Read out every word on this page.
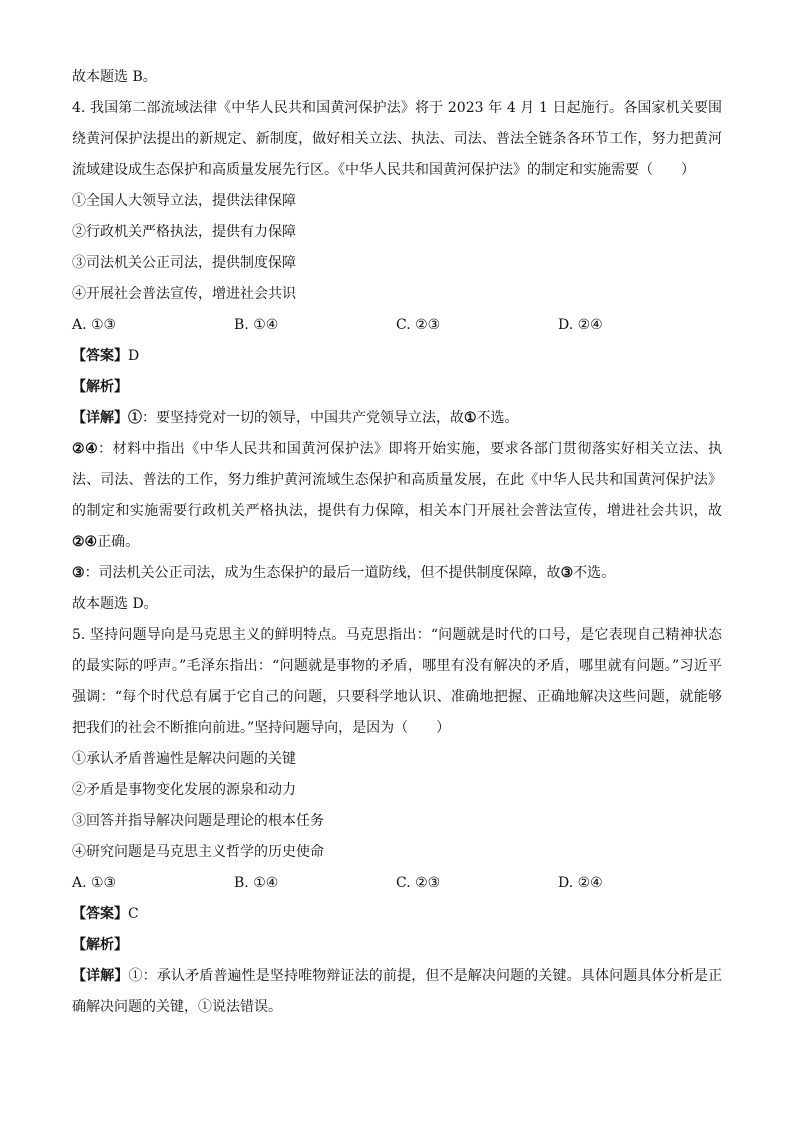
故本题选 B。
4. 我国第二部流域法律《中华人民共和国黄河保护法》将于 2023 年 4 月 1 日起施行。各国家机关要围绕黄河保护法提出的新规定、新制度，做好相关立法、执法、司法、普法全链条各环节工作，努力把黄河流域建设成生态保护和高质量发展先行区。《中华人民共和国黄河保护法》的制定和实施需要（　　）
①全国人大领导立法，提供法律保障
②行政机关严格执法，提供有力保障
③司法机关公正司法，提供制度保障
④开展社会普法宣传，增进社会共识
A. ①③	B. ①④	C. ②③	D. ②④
【答案】D
【解析】
【详解】①：要坚持党对一切的领导，中国共产党领导立法，故①不选。
②④：材料中指出《中华人民共和国黄河保护法》即将开始实施，要求各部门贯彻落实好相关立法、执法、司法、普法的工作，努力维护黄河流域生态保护和高质量发展，在此《中华人民共和国黄河保护法》的制定和实施需要行政机关严格执法，提供有力保障，相关本门开展社会普法宣传，增进社会共识，故②④正确。
③：司法机关公正司法，成为生态保护的最后一道防线，但不提供制度保障，故③不选。
故本题选 D。
5. 坚持问题导向是马克思主义的鲜明特点。马克思指出：“问题就是时代的口号，是它表现自己精神状态的最实际的呼声。”毛泽东指出：“问题就是事物的矛盾，哪里有没有解决的矛盾，哪里就有问题。”习近平强调：“每个时代总有属于它自己的问题，只要科学地认识、准确地把握、正确地解决这些问题，就能够把我们的社会不断推向前进。”坚持问题导向，是因为（　　）
①承认矛盾普遍性是解决问题的关键
②矛盾是事物变化发展的源泉和动力
③回答并指导解决问题是理论的根本任务
④研究问题是马克思主义哲学的历史使命
A. ①③	B. ①④	C. ②③	D. ②④
【答案】C
【解析】
【详解】①：承认矛盾普遍性是坚持唯物辩证法的前提，但不是解决问题的关键。具体问题具体分析是正确解决问题的关键，①说法错误。
